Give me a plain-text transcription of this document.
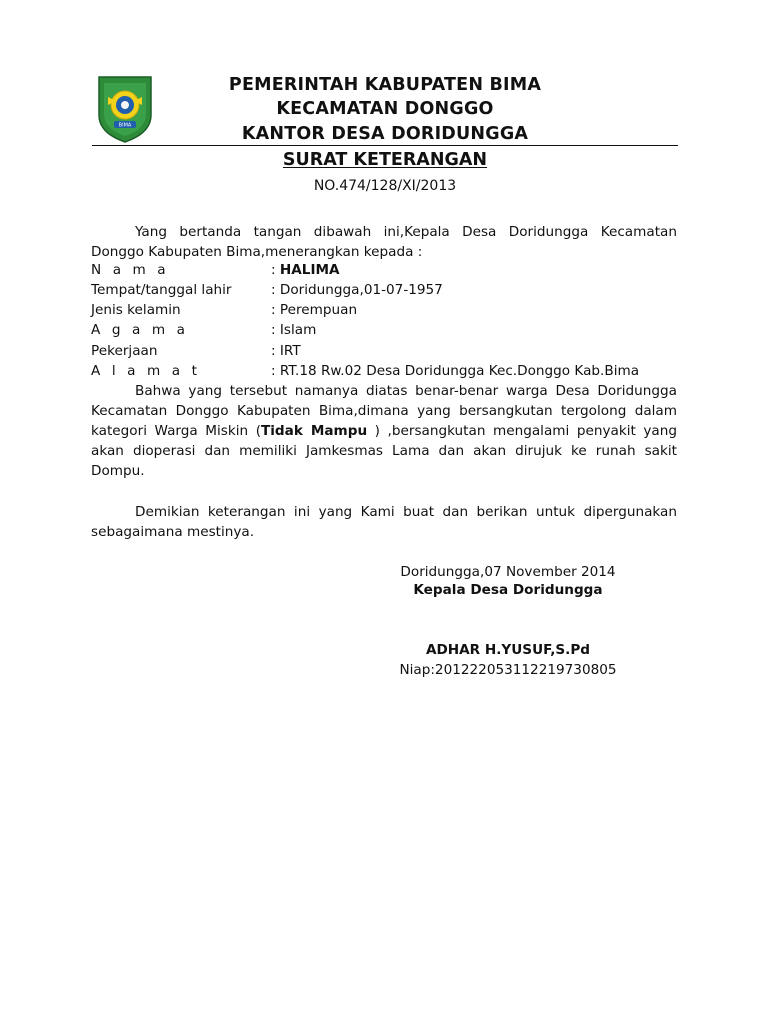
BIMA
PEMERINTAH KABUPATEN BIMA
KECAMATAN DONGGO
KANTOR DESA DORIDUNGGA
SURAT KETERANGAN
NO.474/128/XI/2013
Yang bertanda tangan dibawah ini,Kepala Desa Doridungga Kecamatan Donggo Kabupaten Bima,menerangkan kepada :
N a m a	: HALIMA
Tempat/tanggal lahir	: Doridungga,01-07-1957
Jenis kelamin	: Perempuan
A g a m a	: Islam
Pekerjaan	: IRT
A l a m a t	: RT.18 Rw.02 Desa Doridungga Kec.Donggo Kab.Bima
Bahwa yang tersebut namanya diatas benar-benar warga Desa Doridungga Kecamatan Donggo Kabupaten Bima,dimana yang bersangkutan tergolong dalam kategori Warga Miskin (Tidak Mampu ) ,bersangkutan mengalami penyakit yang akan dioperasi dan memiliki Jamkesmas Lama dan akan dirujuk ke runah sakit Dompu.
Demikian keterangan ini yang Kami buat dan berikan untuk dipergunakan sebagaimana mestinya.
Doridungga,07 November 2014
Kepala Desa Doridungga
ADHAR H.YUSUF,S.Pd
Niap:201222053112219730805
